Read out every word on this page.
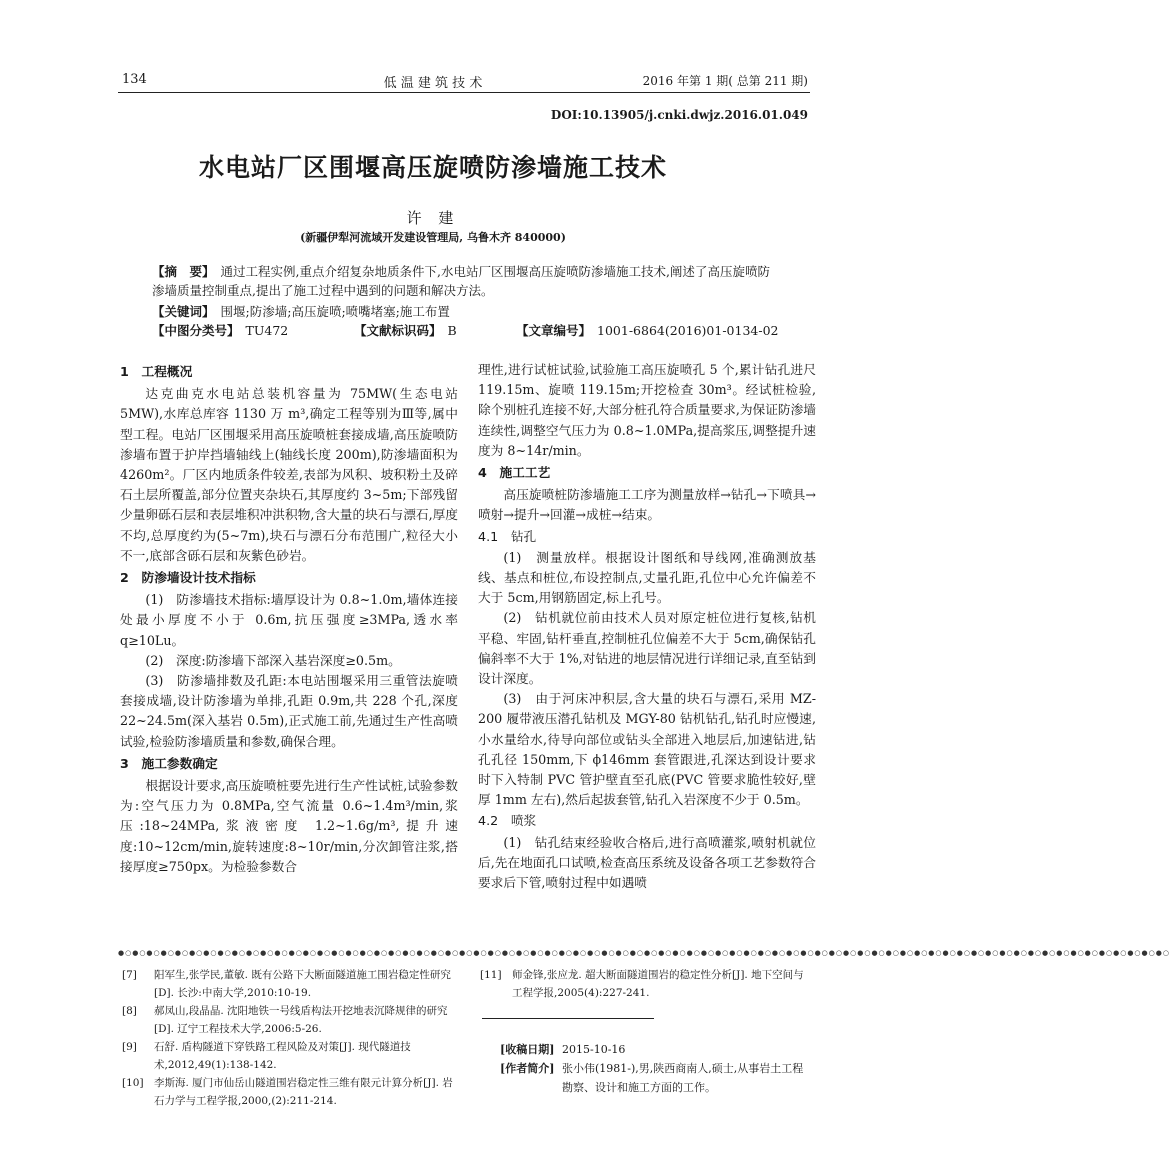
134	低 温 建 筑 技 术	2016 年第 1 期( 总第 211 期)
DOI:10.13905/j.cnki.dwjz.2016.01.049
水电站厂区围堰高压旋喷防渗墙施工技术
许 建
(新疆伊犁河流域开发建设管理局, 乌鲁木齐 840000)
【摘　要】 通过工程实例,重点介绍复杂地质条件下,水电站厂区围堰高压旋喷防渗墙施工技术,阐述了高压旋喷防渗墙质量控制重点,提出了施工过程中遇到的问题和解决方法。
【关键词】 围堰;防渗墙;高压旋喷;喷嘴堵塞;施工布置
【中图分类号】 TU472	【文献标识码】 B	【文章编号】 1001-6864(2016)01-0134-02
1　工程概况

达克曲克水电站总装机容量为 75MW(生态电站 5MW),水库总库容 1130 万 m³,确定工程等别为Ⅲ等,属中型工程。电站厂区围堰采用高压旋喷桩套接成墙,高压旋喷防渗墙布置于护岸挡墙轴线上(轴线长度 200m),防渗墙面积为 4260m²。厂区内地质条件较差,表部为风积、坡积粉土及碎石土层所覆盖,部分位置夹杂块石,其厚度约 3~5m;下部残留少量卵砾石层和表层堆积冲洪积物,含大量的块石与漂石,厚度不均,总厚度约为(5~7m),块石与漂石分布范围广,粒径大小不一,底部含砾石层和灰紫色砂岩。

2　防渗墙设计技术指标

(1)　防渗墙技术指标:墙厚设计为 0.8~1.0m,墙体连接处最小厚度不小于 0.6m,抗压强度≥3MPa,透水率 q≥10Lu。

(2)　深度:防渗墙下部深入基岩深度≥0.5m。

(3)　防渗墙排数及孔距:本电站围堰采用三重管法旋喷套接成墙,设计防渗墙为单排,孔距 0.9m,共 228 个孔,深度 22~24.5m(深入基岩 0.5m),正式施工前,先通过生产性高喷试验,检验防渗墙质量和参数,确保合理。

3　施工参数确定

根据设计要求,高压旋喷桩要先进行生产性试桩,试验参数为:空气压力为 0.8MPa,空气流量 0.6~1.4m³/min,浆压:18~24MPa,浆液密度 1.2~1.6g/m³,提升速度:10~12cm/min,旋转速度:8~10r/min,分次卸管注浆,搭接厚度≥750px。为检验参数合

理性,进行试桩试验,试验施工高压旋喷孔 5 个,累计钻孔进尺 119.15m、旋喷 119.15m;开挖检查 30m³。经试桩检验,除个别桩孔连接不好,大部分桩孔符合质量要求,为保证防渗墙连续性,调整空气压力为 0.8~1.0MPa,提高浆压,调整提升速度为 8~14r/min。

4　施工工艺

高压旋喷桩防渗墙施工工序为测量放样→钻孔→下喷具→喷射→提升→回灌→成桩→结束。

4.1　钻孔

(1)　测量放样。根据设计图纸和导线网,准确测放基线、基点和桩位,布设控制点,丈量孔距,孔位中心允许偏差不大于 5cm,用钢筋固定,标上孔号。

(2)　钻机就位前由技术人员对原定桩位进行复核,钻机平稳、牢固,钻杆垂直,控制桩孔位偏差不大于 5cm,确保钻孔偏斜率不大于 1%,对钻进的地层情况进行详细记录,直至钻到设计深度。

(3)　由于河床冲积层,含大量的块石与漂石,采用 MZ-200 履带液压潜孔钻机及 MGY-80 钻机钻孔,钻孔时应慢速,小水量给水,待导向部位或钻头全部进入地层后,加速钻进,钻孔孔径 150mm,下 ϕ146mm 套管跟进,孔深达到设计要求时下入特制 PVC 管护壁直至孔底(PVC 管要求脆性较好,壁厚 1mm 左右),然后起拔套管,钻孔入岩深度不少于 0.5m。

4.2　喷浆

(1)　钻孔结束经验收合格后,进行高喷灌浆,喷射机就位后,先在地面孔口试喷,检查高压系统及设备各项工艺参数符合要求后下管,喷射过程中如遇喷

●○●○●○●○●○●○●○●○●○●○●○●○●○●○●○●○●○●○●○●○●○●○●○●○●○●○●○●○●○●○●○●○●○●○●○●○●○●○●○●○●○●○●○●○●○●○●○●○●○●○●○●○●○●○●○●○●○●○●○●○●○●○●○●○●○●○●○●○●○●○●○●○●○●○
[7] 阳军生,张学民,董敏. 既有公路下大断面隧道施工围岩稳定性研究[D]. 长沙:中南大学,2010:10-19.
[8] 郝凤山,段晶晶. 沈阳地铁一号线盾构法开挖地表沉降规律的研究[D]. 辽宁工程技术大学,2006:5-26.
[9] 石舒. 盾构隧道下穿铁路工程风险及对策[J]. 现代隧道技术,2012,49(1):138-142.
[10] 李斯海. 厦门市仙岳山隧道围岩稳定性三维有限元计算分析[J]. 岩石力学与工程学报,2000,(2):211-214.
[11] 师金锋,张应龙. 超大断面隧道围岩的稳定性分析[J]. 地下空间与工程学报,2005(4):227-241.
[收稿日期] 2015-10-16
[作者简介] 张小伟(1981-),男,陕西商南人,硕士,从事岩土工程勘察、设计和施工方面的工作。
